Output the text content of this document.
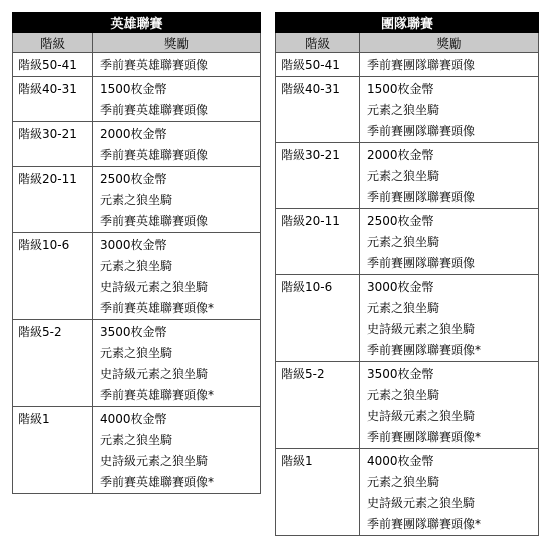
英雄聯賽	
階級	獎勵
階級50-41	季前賽英雄聯賽頭像

階級40-31	1500枚金幣
季前賽英雄聯賽頭像

階級30-21	2000枚金幣
季前賽英雄聯賽頭像

階級20-11	2500枚金幣
元素之狼坐騎
季前賽英雄聯賽頭像

階級10-6	3000枚金幣
元素之狼坐騎
史詩級元素之狼坐騎
季前賽英雄聯賽頭像*

階級5-2	3500枚金幣
元素之狼坐騎
史詩級元素之狼坐騎
季前賽英雄聯賽頭像*

階級1	4000枚金幣
元素之狼坐騎
史詩級元素之狼坐騎
季前賽英雄聯賽頭像*
團隊聯賽	
階級	獎勵
階級50-41	季前賽團隊聯賽頭像

階級40-31	1500枚金幣
元素之狼坐騎
季前賽團隊聯賽頭像

階級30-21	2000枚金幣
元素之狼坐騎
季前賽團隊聯賽頭像

階級20-11	2500枚金幣
元素之狼坐騎
季前賽團隊聯賽頭像

階級10-6	3000枚金幣
元素之狼坐騎
史詩級元素之狼坐騎
季前賽團隊聯賽頭像*

階級5-2	3500枚金幣
元素之狼坐騎
史詩級元素之狼坐騎
季前賽團隊聯賽頭像*

階級1	4000枚金幣
元素之狼坐騎
史詩級元素之狼坐騎
季前賽團隊聯賽頭像*
